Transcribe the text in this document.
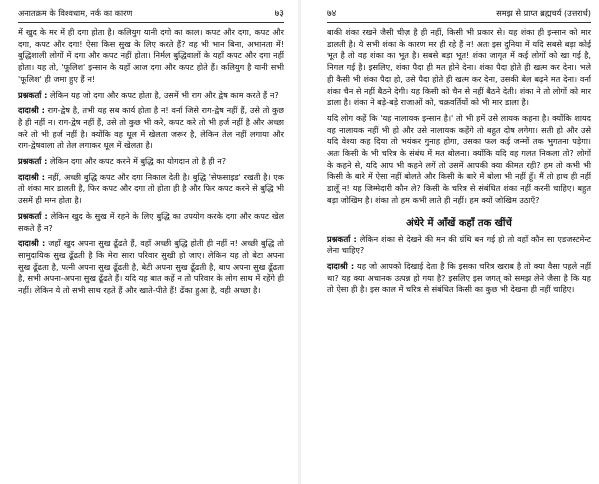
अनातक्रम के विश्वधाम, नर्क का कारण	७३

में खुद के मर में ही दगा होता है। कलियुग यानी दगो का काल। कपट और दगा, कपट और दगा, कपट और दगा! ऐसा किस सुख के लिए करते हैं? वह भी भान बिना, अभानता में! बुद्धिशाली लोगों में दगा और कपट नहीं होता। निर्मल बुद्धिवालों के यहाँ कपट और दगा नहीं होता। यह तो, 'फूलिश' इन्सान के यहाँ आज दगा और कपट होते हैं। कलियुग है यानी सभी 'फूलिश' ही जमा हुए हैं न!

प्रश्नकर्ता : लेकिन यह जो दगा और कपट होता है, उसमें भी राग और द्वेष काम करते हैं न?

दादाश्री : राग-द्वेष है, तभी यह सब कार्य होता है न! वर्ना जिसे राग-द्वेष नहीं हैं, उसे तो कुछ है ही नहीं न। राग-द्वेष नहीं हैं, उसे तो कुछ भी करे, कपट करे तो भी हर्ज नहीं है और अच्छा करे तो भी हर्ज नहीं है। क्योंकि वह धूल में खेलता जरूर है, लेकिन तेल नहीं लगाया और राग-द्वेषवाला तो तेल लगाकर धूल में खेलता है।

प्रश्नकर्ता : लेकिन दगा और कपट करने में बुद्धि का योगदान तो है ही न?

दादाश्री : नहीं, अच्छी बुद्धि कपट और दगा निकाल देती है। बुद्धि 'सेफसाइड' रखती है। एक तो शंका मार डालती है, फिर कपट और दगा तो होता ही है और फिर कपट करने से बुद्धि भी उसमें ही मग्न होता है।

प्रश्नकर्ता : लेकिन खुद के सुख में रहने के लिए बुद्धि का उपयोग करके दगा और कपट खेल सकते हैं न?

दादाश्री : जहाँ खुद अपना सुख ढूँढते हैं, वहाँ अच्छी बुद्धि होती ही नहीं न! अच्छी बुद्धि तो सामुदायिक सुख ढूँढती है कि मेरा सारा परिवार सुखी हो जाए। लेकिन यह तो बेटा अपना सुख ढूँढता है, पत्नी अपना सुख ढूँढती है, बेटी अपना सुख ढूँढती है, बाप अपना सुख ढूँढता है, सभी अपना-अपना सुख ढूँढते हैं। यदि यह बात कहें न तो परिवार के लोग साथ में रहेंगे ही नहीं। लेकिन ये तो सभी साथ रहते हैं और खाते-पीते हैं! ढँका हुआ है, वही अच्छा है।

७४	समझ से प्राप्त ब्रह्मचर्य (उत्तरार्ध)

बाकी शंका रखने जैसी चीज़ है ही नहीं, किसी भी प्रकार से। यह शंका ही इन्सान को मार डालती है। ये सभी शंका के कारण मर ही रहे हैं न! अतः इस दुनिया में यदि सबसे बड़ा कोई भूत है तो वह शंका का भूत है। सबसे बड़ा भूत! शंका जागृत में कई लोगों को खा गई है, निगल गई है। इसलिए, शंका पैदा ही मत होने देना। शंका पैदा होते ही खत्म कर देना। भले ही कैसी भी शंका पैदा हो, उसे पैदा होते ही खत्म कर देना, उसकी बेल बढ़ने मत देना। वर्ना शंका चैन से नहीं बैठने देगी। यह किसी को चैन से नहीं बैठने देती। शंका ने तो लोगों को मार डाला है। शंका ने बड़े-बड़े राजाओं को, चक्रवर्तियों को भी मार डाला है।

यदि लोग कहें कि 'यह नालायक इन्सान है।' तो भी हमें उसे लायक कहना है। क्योंकि शायद वह नालायक नहीं भी हो और उसे नालायक कहेंगे तो बहुत दोष लगेगा। सती हो और उसे यदि वेश्या कह दिया तो भयंकर गुनाह होगा, उसका फल कई जन्मों तक भुगतना पड़ेगा। अतः किसी के भी चरित्र के संबंध में मत बोलना। क्योंकि यदि वह गलत निकला तो? लोगों के कहने से, यदि आप भी कहने लगें तो उसमें आपकी क्या कीमत रही? हम तो कभी भी किसी के बारे में ऐसा नहीं बोलते और किसी के बारे में बोला भी नहीं हूँ। मैं तो हाथ ही नहीं डालूँ न! यह जिम्मेदारी कौन ले? किसी के चरित्र से संबंधित शंका नहीं करनी चाहिए। बहुत बड़ा जोखिम है। शंका तो हम कभी लाते ही नहीं। हम क्यों जोखिम उठाएँ?

अंधेरे में आँखें कहाँ तक खींचें

प्रश्नकर्ता : लेकिन शंका से देखने की मन की ग्रंथि बन गई हो तो वहाँ कौन सा एडजस्टमेन्ट लेना चाहिए?

दादाश्री : यह जो आपको दिखाई देता है कि इसका चरित्र खराब है तो क्या वैसा पहले नहीं था? यह क्या अचानक उत्पन्न हो गया है? इसलिए इस जगत् को समझ लेने जैसा है कि यह तो ऐसा ही है। इस काल में चरित्र से संबंधित किसी का कुछ भी देखना ही नहीं चाहिए।
